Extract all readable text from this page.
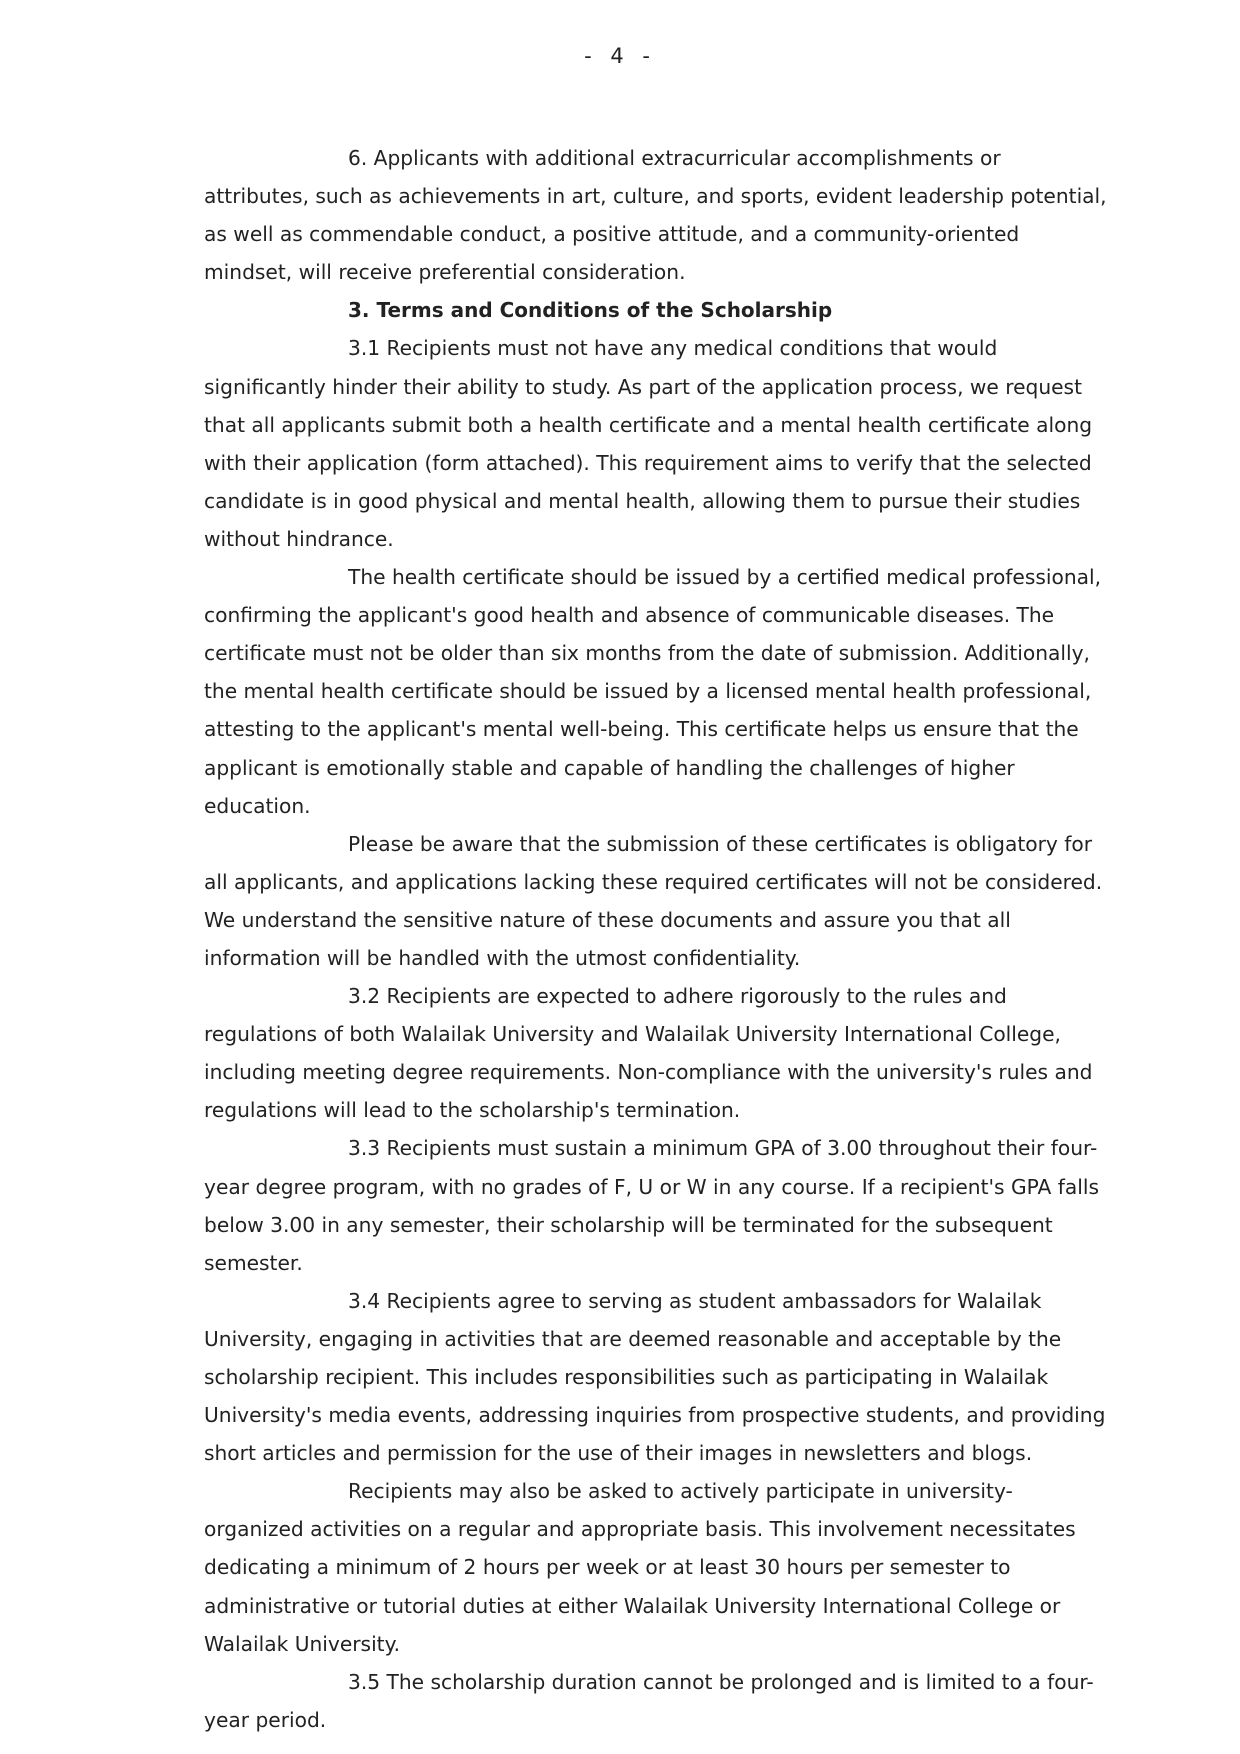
- 4 -

6. Applicants with additional extracurricular accomplishments or attributes, such as achievements in art, culture, and sports, evident leadership potential, as well as commendable conduct, a positive attitude, and a community-oriented mindset, will receive preferential consideration.

3. Terms and Conditions of the Scholarship

3.1 Recipients must not have any medical conditions that would significantly hinder their ability to study. As part of the application process, we request that all applicants submit both a health certificate and a mental health certificate along with their application (form attached). This requirement aims to verify that the selected candidate is in good physical and mental health, allowing them to pursue their studies without hindrance.

The health certificate should be issued by a certified medical professional, confirming the applicant's good health and absence of communicable diseases. The certificate must not be older than six months from the date of submission. Additionally, the mental health certificate should be issued by a licensed mental health professional, attesting to the applicant's mental well-being. This certificate helps us ensure that the applicant is emotionally stable and capable of handling the challenges of higher education.

Please be aware that the submission of these certificates is obligatory for all applicants, and applications lacking these required certificates will not be considered. We understand the sensitive nature of these documents and assure you that all information will be handled with the utmost confidentiality.

3.2 Recipients are expected to adhere rigorously to the rules and regulations of both Walailak University and Walailak University International College, including meeting degree requirements. Non-compliance with the university's rules and regulations will lead to the scholarship's termination.

3.3 Recipients must sustain a minimum GPA of 3.00 throughout their four-year degree program, with no grades of F, U or W in any course. If a recipient's GPA falls below 3.00 in any semester, their scholarship will be terminated for the subsequent semester.

3.4 Recipients agree to serving as student ambassadors for Walailak University, engaging in activities that are deemed reasonable and acceptable by the scholarship recipient. This includes responsibilities such as participating in Walailak University's media events, addressing inquiries from prospective students, and providing short articles and permission for the use of their images in newsletters and blogs.

Recipients may also be asked to actively participate in university-organized activities on a regular and appropriate basis. This involvement necessitates dedicating a minimum of 2 hours per week or at least 30 hours per semester to administrative or tutorial duties at either Walailak University International College or Walailak University.

3.5 The scholarship duration cannot be prolonged and is limited to a four-year period.
